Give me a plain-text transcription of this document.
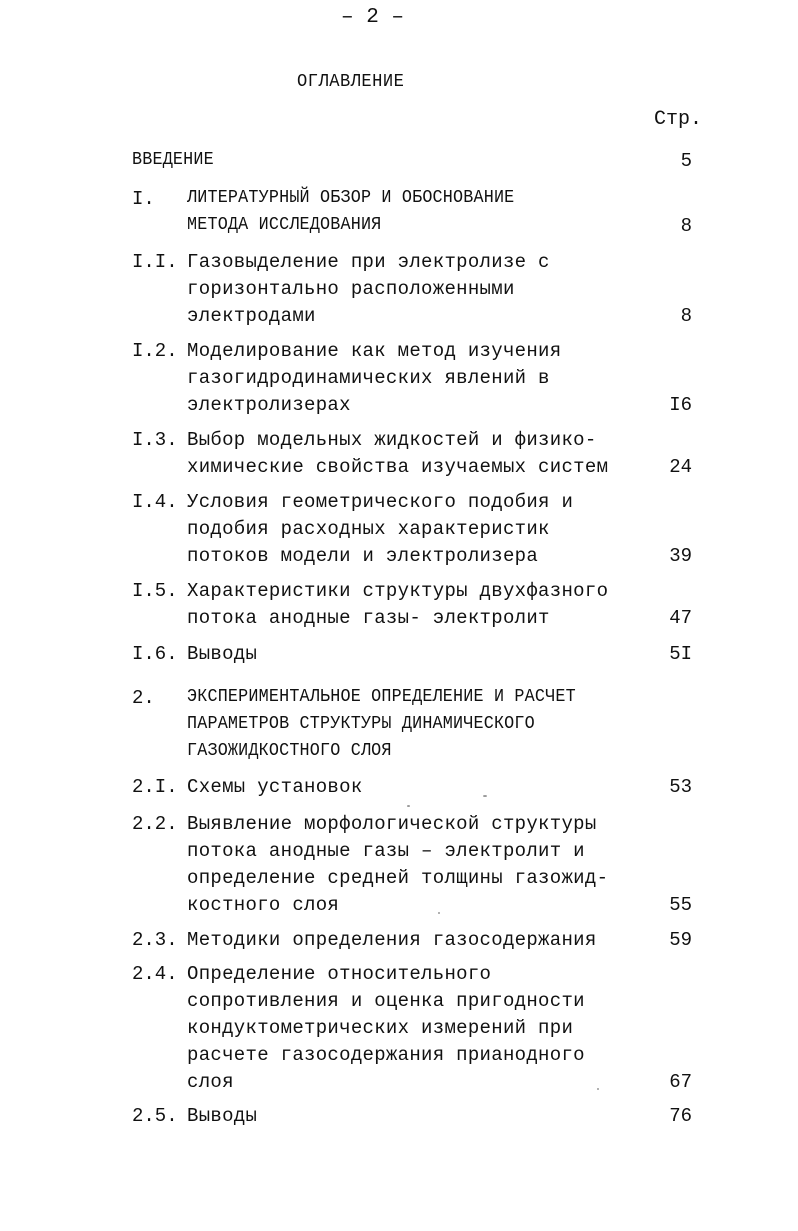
– 2 –
ОГЛАВЛЕНИЕ
Стр.
ВВЕДЕНИЕ	5
I. ЛИТЕРАТУРНЫЙ ОБЗОР И ОБОСНОВАНИЕ
МЕТОДА ИССЛЕДОВАНИЯ	8
I.I. Газовыделение при электролизе с
горизонтально расположенными
электродами	8
I.2. Моделирование как метод изучения
газогидродинамических явлений в
электролизерах	I6
I.3. Выбор модельных жидкостей и физико-
химические свойства изучаемых систем	24
I.4. Условия геометрического подобия и
подобия расходных характеристик
потоков модели и электролизера	39
I.5. Характеристики структуры двухфазного
потока анодные газы- электролит	47
I.6. Выводы	5I
2. ЭКСПЕРИМЕНТАЛЬНОЕ ОПРЕДЕЛЕНИЕ И РАСЧЕТ
ПАРАМЕТРОВ СТРУКТУРЫ ДИНАМИЧЕСКОГО
ГАЗОЖИДКОСТНОГО СЛОЯ
2.I. Схемы установок	53
2.2. Выявление морфологической структуры
потока анодные газы – электролит и
определение средней толщины газожид-
костного слоя	55
2.3. Методики определения газосодержания	59
2.4. Определение относительного
сопротивления и оценка пригодности
кондуктометрических измерений при
расчете газосодержания прианодного
слоя	67
2.5. Выводы	76
